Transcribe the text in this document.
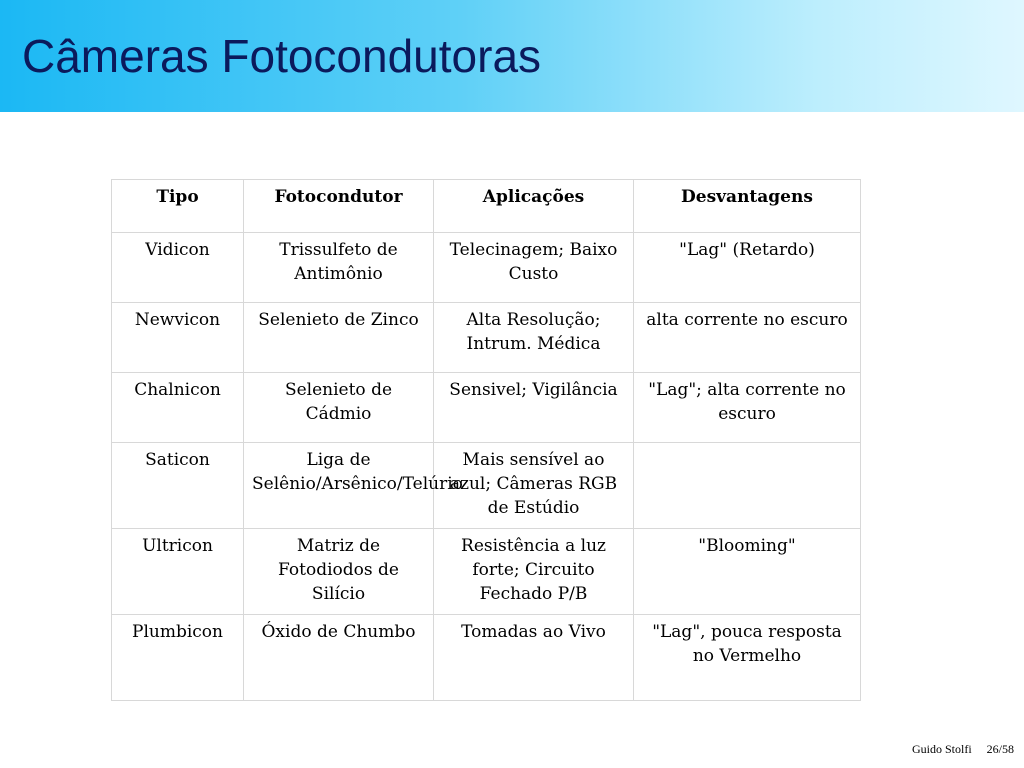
Câmeras Fotocondutoras
Tipo	Fotocondutor	Aplicações	Desvantagens
Vidicon	Trissulfeto de Antimônio	Telecinagem; Baixo Custo	"Lag" (Retardo)
Newvicon	Selenieto de Zinco	Alta Resolução; Intrum. Médica	alta corrente no escuro
Chalnicon	Selenieto de Cádmio	Sensivel; Vigilância	"Lag"; alta corrente no escuro
Saticon	Liga de Selênio/Arsênico/Telúrio	Mais sensível ao azul; Câmeras RGB de Estúdio	
Ultricon	Matriz de Fotodiodos de Silício	Resistência a luz forte; Circuito Fechado P/B	"Blooming"
Plumbicon	Óxido de Chumbo	Tomadas ao Vivo	"Lag", pouca resposta no Vermelho
Guido Stolfi 26/58
